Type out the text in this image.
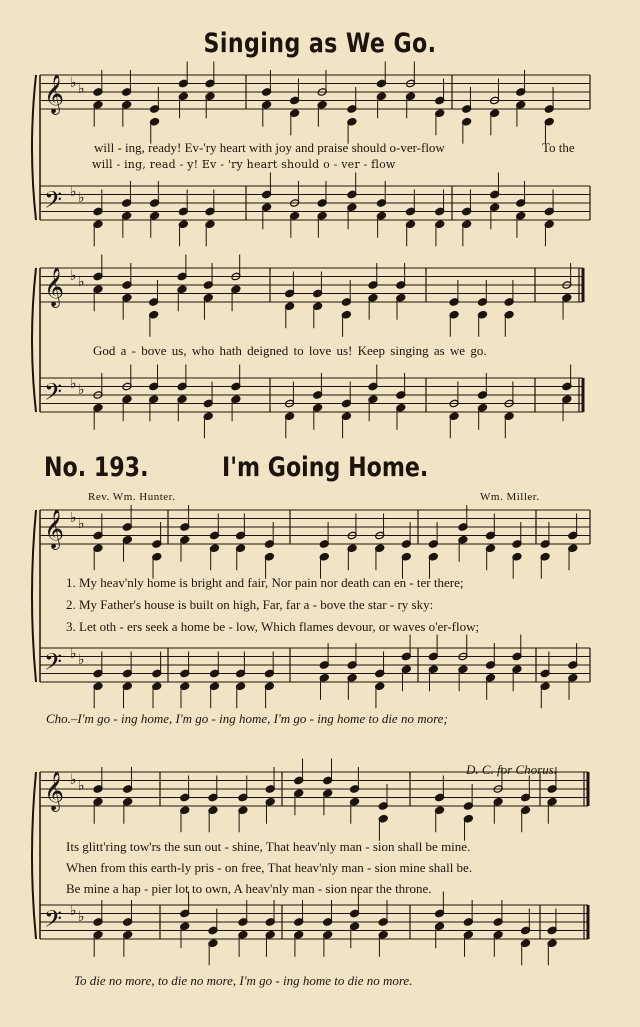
𝄞
𝄢
𝄞
𝄢
𝄞
𝄢
𝄞
𝄢
♭ ♭
♭ ♭
♭ ♭
♭ ♭
♭ ♭
♭ ♭
♭ ♭
♭ ♭
Singing as We Go.
will - ing, ready! Ev-'ry heart with joy and praise should o-ver-flow	To the
will - ing, read - y! Ev - 'ry heart should o - ver - flow
God a - bove us, who hath deigned to love us! Keep singing as we go.
No. 193.	I'm Going Home.
Rev. Wm. Hunter.	Wm. Miller.
1. My heav'nly home is bright and fair, Nor pain nor death can en - ter there;
2. My Father's house is built on high, Far, far a - bove the star - ry sky:
3. Let oth - ers seek a home be - low, Which flames devour, or waves o'er-flow;
Cho.–I'm go - ing home, I'm go - ing home, I'm go - ing home to die no more;
D. C. for Chorus.
Its glitt'ring tow'rs the sun out - shine, That heav'nly man - sion shall be mine.
When from this earth-ly pris - on free, That heav'nly man - sion mine shall be.
Be mine a hap - pier lot to own, A heav'nly man - sion near the throne.
To die no more, to die no more, I'm go - ing home to die no more.
